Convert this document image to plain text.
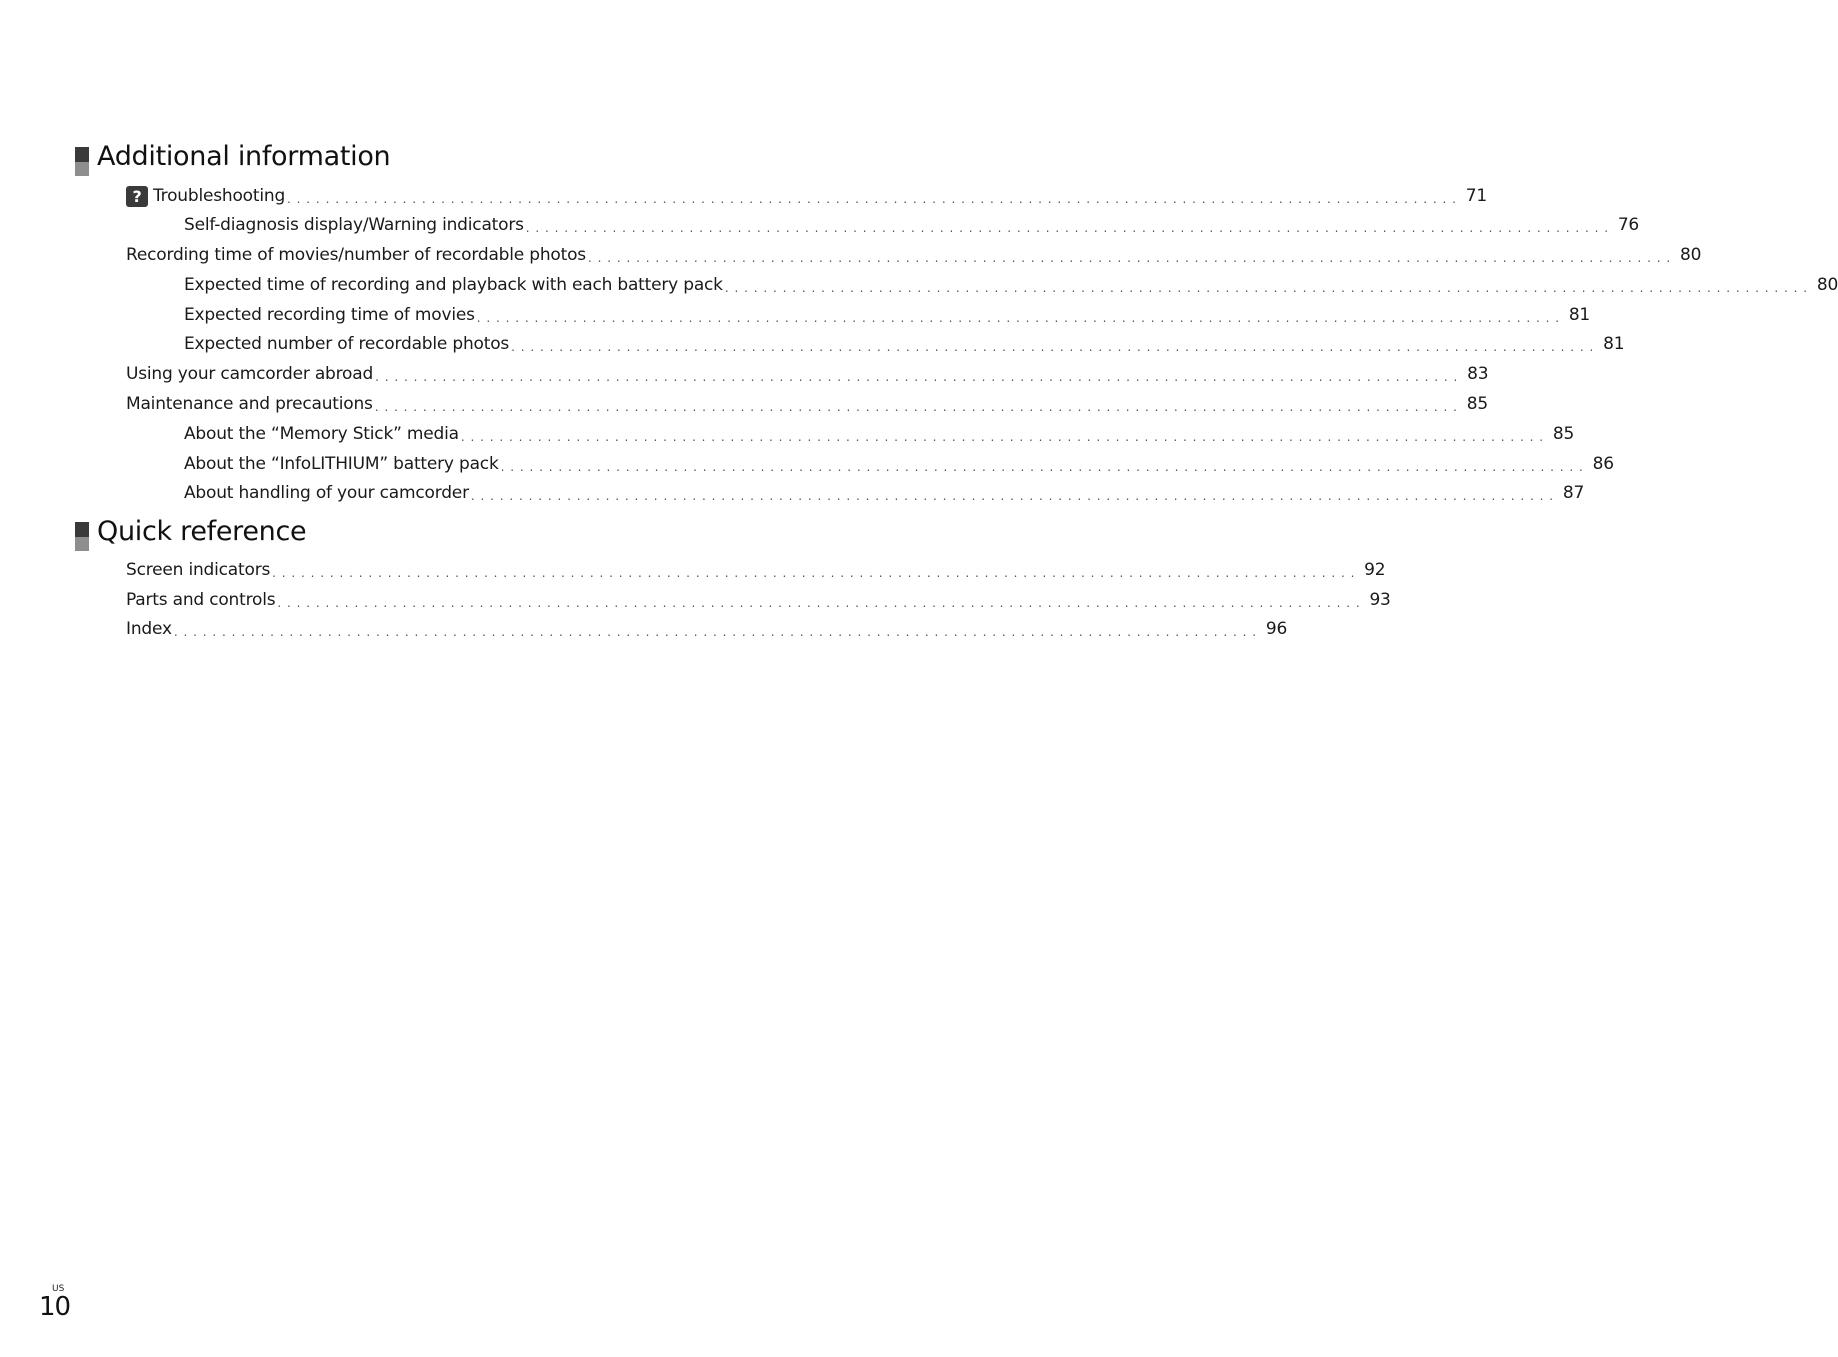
Additional information
? Troubleshooting . . . . . . . . . . . . . . . . . . . . . . . . . . . . . . . . . . . . . . . . . . . . . . . . . . . . . . . . . . . . . . . . . . . . . . . . . . . . . . . . . . . . . . . . . . . . . . . . . . . . . . . . . . . . . . . . . . . . . . . . . . 71
Self-diagnosis display/Warning indicators . . . . . . . . . . . . . . . . . . . . . . . . . . . . . . . . . . . . . . . . . . . . . . . . . . . . . . . . . . . . . . . . . . . . . . . . . . . . . . . . . . . . . . . . . . . . . . . . . . . . . . . . . . . . . . . . . 76
Recording time of movies/number of recordable photos . . . . . . . . . . . . . . . . . . . . . . . . . . . . . . . . . . . . . . . . . . . . . . . . . . . . . . . . . . . . . . . . . . . . . . . . . . . . . . . . . . . . . . . . . . . . . . . . . . . . . . . . . . . . . . . . . 80
Expected time of recording and playback with each battery pack . . . . . . . . . . . . . . . . . . . . . . . . . . . . . . . . . . . . . . . . . . . . . . . . . . . . . . . . . . . . . . . . . . . . . . . . . . . . . . . . . . . . . . . . . . . . . . . . . . . . . . . . . . . . . . . . . 80
Expected recording time of movies . . . . . . . . . . . . . . . . . . . . . . . . . . . . . . . . . . . . . . . . . . . . . . . . . . . . . . . . . . . . . . . . . . . . . . . . . . . . . . . . . . . . . . . . . . . . . . . . . . . . . . . . . . . . . . . . . 81
Expected number of recordable photos . . . . . . . . . . . . . . . . . . . . . . . . . . . . . . . . . . . . . . . . . . . . . . . . . . . . . . . . . . . . . . . . . . . . . . . . . . . . . . . . . . . . . . . . . . . . . . . . . . . . . . . . . . . . . . . . . 81
Using your camcorder abroad . . . . . . . . . . . . . . . . . . . . . . . . . . . . . . . . . . . . . . . . . . . . . . . . . . . . . . . . . . . . . . . . . . . . . . . . . . . . . . . . . . . . . . . . . . . . . . . . . . . . . . . . . . . . . . . . . 83
Maintenance and precautions . . . . . . . . . . . . . . . . . . . . . . . . . . . . . . . . . . . . . . . . . . . . . . . . . . . . . . . . . . . . . . . . . . . . . . . . . . . . . . . . . . . . . . . . . . . . . . . . . . . . . . . . . . . . . . . . . 85
About the “Memory Stick” media . . . . . . . . . . . . . . . . . . . . . . . . . . . . . . . . . . . . . . . . . . . . . . . . . . . . . . . . . . . . . . . . . . . . . . . . . . . . . . . . . . . . . . . . . . . . . . . . . . . . . . . . . . . . . . . . . 85
About the “InfoLITHIUM” battery pack . . . . . . . . . . . . . . . . . . . . . . . . . . . . . . . . . . . . . . . . . . . . . . . . . . . . . . . . . . . . . . . . . . . . . . . . . . . . . . . . . . . . . . . . . . . . . . . . . . . . . . . . . . . . . . . . . 86
About handling of your camcorder . . . . . . . . . . . . . . . . . . . . . . . . . . . . . . . . . . . . . . . . . . . . . . . . . . . . . . . . . . . . . . . . . . . . . . . . . . . . . . . . . . . . . . . . . . . . . . . . . . . . . . . . . . . . . . . . . 87
Quick reference
Screen indicators . . . . . . . . . . . . . . . . . . . . . . . . . . . . . . . . . . . . . . . . . . . . . . . . . . . . . . . . . . . . . . . . . . . . . . . . . . . . . . . . . . . . . . . . . . . . . . . . . . . . . . . . . . . . . . . . . 92
Parts and controls . . . . . . . . . . . . . . . . . . . . . . . . . . . . . . . . . . . . . . . . . . . . . . . . . . . . . . . . . . . . . . . . . . . . . . . . . . . . . . . . . . . . . . . . . . . . . . . . . . . . . . . . . . . . . . . . . 93
Index . . . . . . . . . . . . . . . . . . . . . . . . . . . . . . . . . . . . . . . . . . . . . . . . . . . . . . . . . . . . . . . . . . . . . . . . . . . . . . . . . . . . . . . . . . . . . . . . . . . . . . . . . . . . . . . . . 96
US
10
